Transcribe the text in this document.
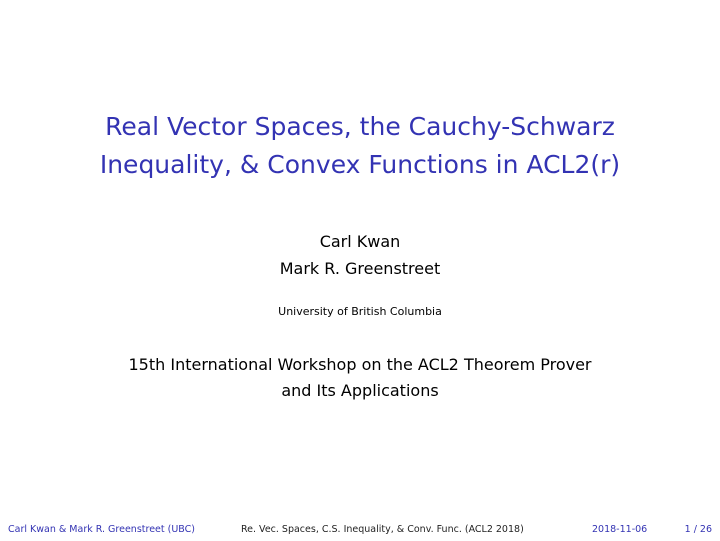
Real Vector Spaces, the Cauchy-Schwarz
Inequality, & Convex Functions in ACL2(r)
Carl Kwan
Mark R. Greenstreet
University of British Columbia
15th International Workshop on the ACL2 Theorem Prover
and Its Applications
Carl Kwan & Mark R. Greenstreet (UBC)	Re. Vec. Spaces, C.S. Inequality, & Conv. Func. (ACL2 2018)	2018-11-06	1 / 26
